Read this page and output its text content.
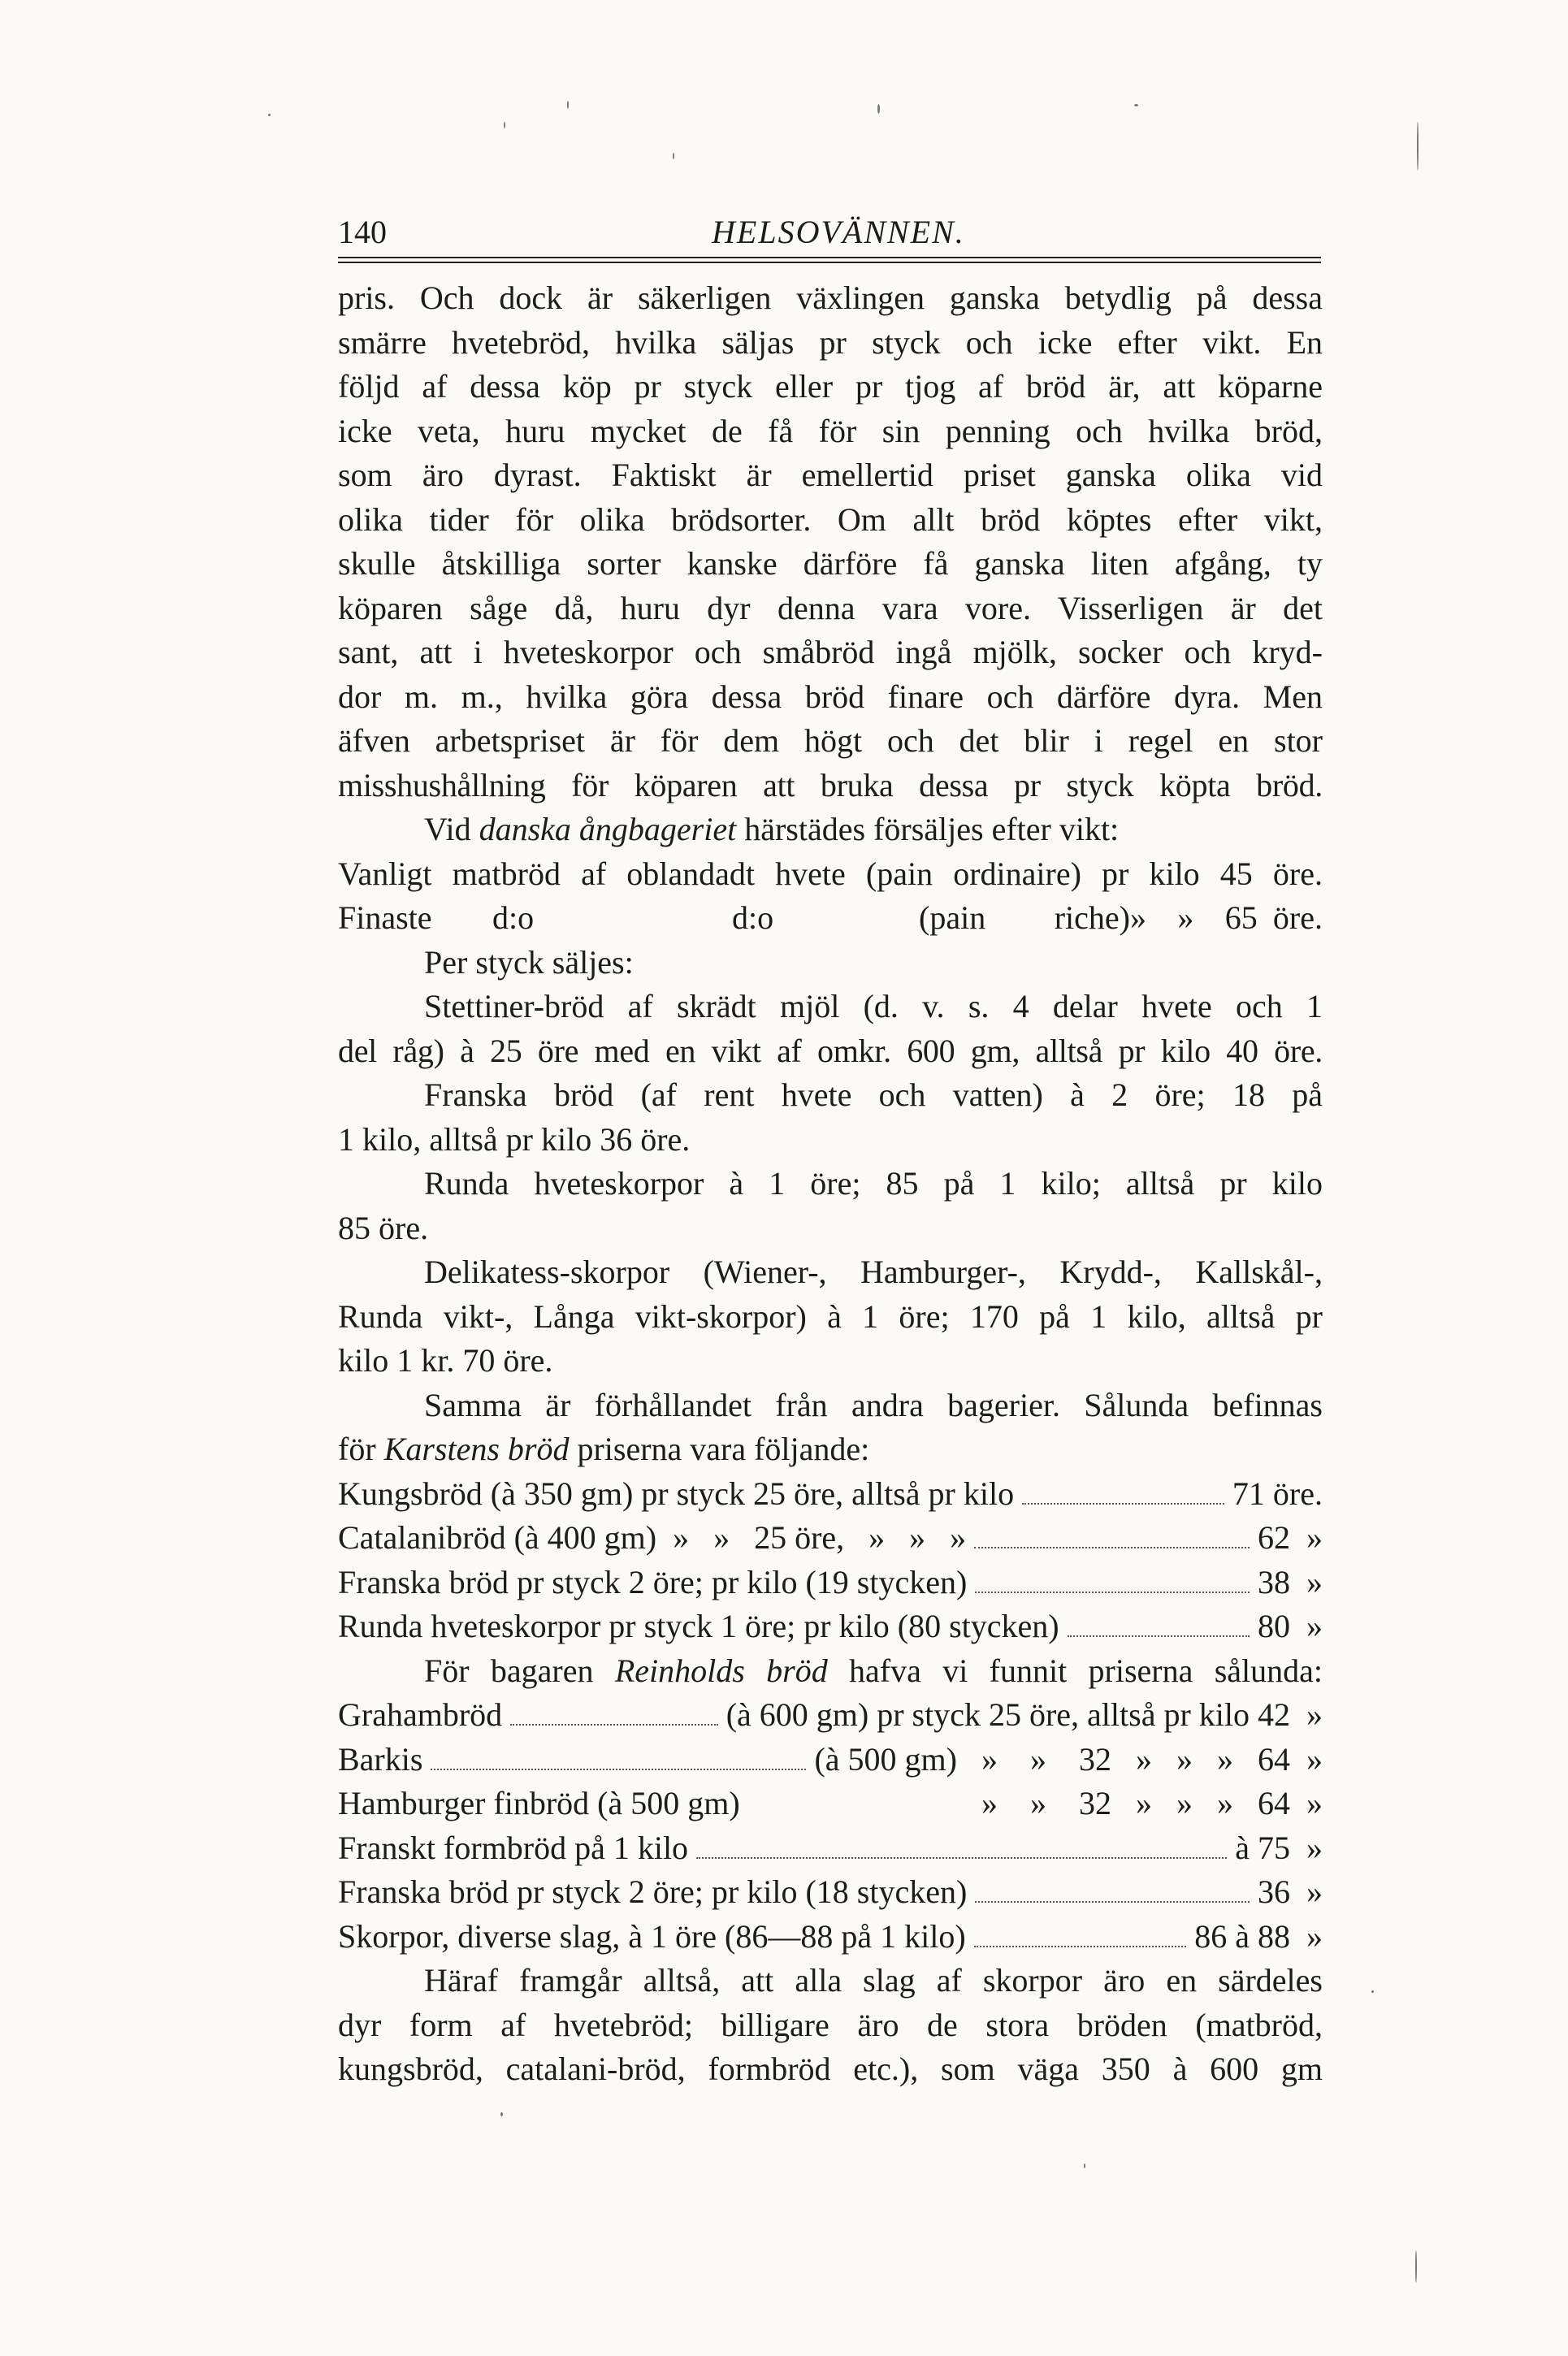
140	HELSOVÄNNEN.
pris. Och dock är säkerligen växlingen ganska betydlig på dessa
smärre hvetebröd, hvilka säljas pr styck och icke efter vikt. En
följd af dessa köp pr styck eller pr tjog af bröd är, att köparne
icke veta, huru mycket de få för sin penning och hvilka bröd,
som äro dyrast. Faktiskt är emellertid priset ganska olika vid
olika tider för olika brödsorter. Om allt bröd köptes efter vikt,
skulle åtskilliga sorter kanske därföre få ganska liten afgång, ty
köparen såge då, huru dyr denna vara vore. Visserligen är det
sant, att i hveteskorpor och småbröd ingå mjölk, socker och kryd-
dor m. m., hvilka göra dessa bröd finare och därföre dyra. Men
äfven arbetspriset är för dem högt och det blir i regel en stor
misshushållning för köparen att bruka dessa pr styck köpta bröd.
Vid danska ångbageriet härstädes försäljes efter vikt:
Vanligt matbröd af oblandadt hvete (pain ordinaire) pr kilo 45 öre.
Finaste	d:o	d:o	(pain riche) »  »  65 öre.
Per styck säljes:
Stettiner-bröd af skrädt mjöl (d. v. s. 4 delar hvete och 1
del råg) à 25 öre med en vikt af omkr. 600 gm, alltså pr kilo 40 öre.
Franska bröd (af rent hvete och vatten) à 2 öre; 18 på
1 kilo, alltså pr kilo 36 öre.
Runda hveteskorpor à 1 öre; 85 på 1 kilo; alltså pr kilo
85 öre.
Delikatess-skorpor (Wiener-, Hamburger-, Krydd-, Kallskål-,
Runda vikt-, Långa vikt-skorpor) à 1 öre; 170 på 1 kilo, alltså pr
kilo 1 kr. 70 öre.
Samma är förhållandet från andra bagerier. Sålunda befinnas
för Karstens bröd priserna vara följande:
Kungsbröd (à 350 gm) pr styck 25 öre, alltså pr kilo	71 öre.
Catalanibröd (à 400 gm)  »   »   25 öre,   »   »   »	62  »
Franska bröd pr styck 2 öre; pr kilo (19 stycken)	38  »
Runda hveteskorpor pr styck 1 öre; pr kilo (80 stycken)	80  »
För bagaren Reinholds bröd hafva vi funnit priserna sålunda:
Grahambröd	(à 600 gm) pr styck 25 öre, alltså pr kilo 42  »
Barkis	(à 500 gm)   »    »    32   »   »   »   64  »
Hamburger finbröd (à 500 gm)	»    »    32   »   »   »   64  »
Franskt formbröd på 1 kilo	à 75  »
Franska bröd pr styck 2 öre; pr kilo (18 stycken)	36  »
Skorpor, diverse slag, à 1 öre (86—88 på 1 kilo)	86 à 88  »
Häraf framgår alltså, att alla slag af skorpor äro en särdeles
dyr form af hvetebröd; billigare äro de stora bröden (matbröd,
kungsbröd, catalani-bröd, formbröd etc.), som väga 350 à 600 gm
